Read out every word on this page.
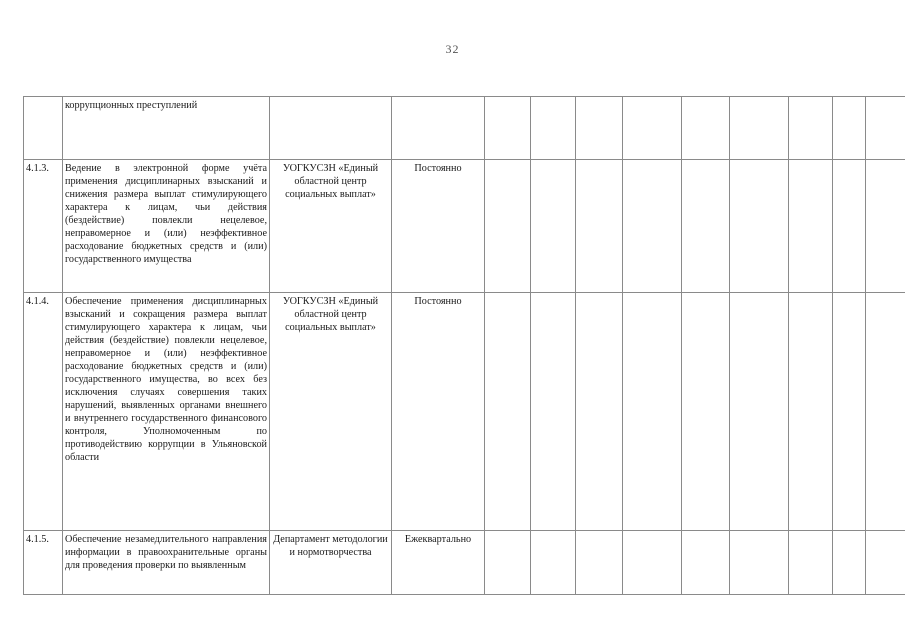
32
	коррупционных преступлений											
4.1.3.	Ведение в электронной форме учёта применения дисциплинарных взысканий и снижения размера выплат стимулирующего характера к лицам, чьи действия (бездействие) повлекли нецелевое, неправомерное и (или) неэффективное расходование бюджетных средств и (или) государственного имущества	УОГКУСЗН «Единый областной центр социальных выплат»	Постоянно									
4.1.4.	Обеспечение применения дисциплинарных взысканий и сокращения размера выплат стимулирующего характера к лицам, чьи действия (бездействие) повлекли нецелевое, неправомерное и (или) неэффективное расходование бюджетных средств и (или) государственного имущества, во всех без исключения случаях совершения таких нарушений, выявленных органами внешнего и внутреннего государственного финансового контроля, Уполномоченным по противодействию коррупции в Ульяновской области	УОГКУСЗН «Единый областной центр социальных выплат»	Постоянно									
4.1.5.	Обеспечение незамедлительного направления информации в правоохранительные органы для проведения проверки по выявленным	Департамент методологии и нормотворчества	Ежеквартально									
